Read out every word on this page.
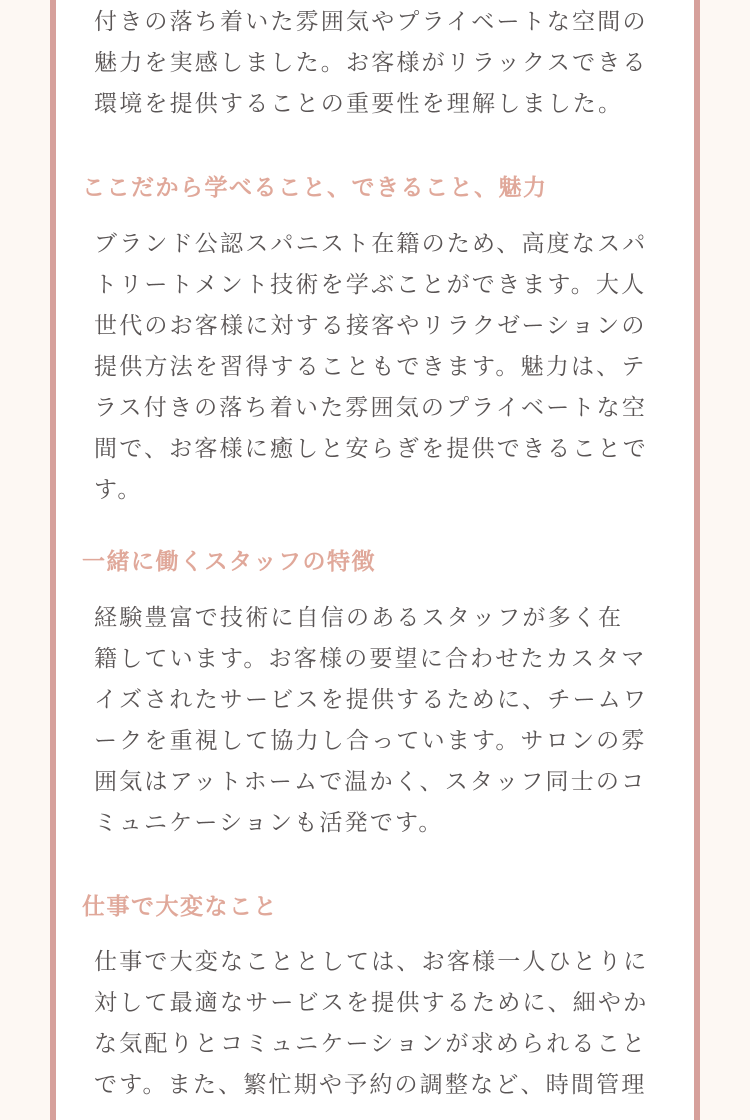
付きの落ち着いた雰囲気やプライベートな空間の
魅力を実感しました。お客様がリラックスできる
環境を提供することの重要性を理解しました。

ここだから学べること、できること、魅力

ブランド公認スパニスト在籍のため、高度なスパ
トリートメント技術を学ぶことができます。大人
世代のお客様に対する接客やリラクゼーションの
提供方法を習得することもできます。魅力は、テ
ラス付きの落ち着いた雰囲気のプライベートな空
間で、お客様に癒しと安らぎを提供できることで
す。

一緒に働くスタッフの特徴

経験豊富で技術に自信のあるスタッフが多く在
籍しています。お客様の要望に合わせたカスタマ
イズされたサービスを提供するために、チームワ
ークを重視して協力し合っています。サロンの雰
囲気はアットホームで温かく、スタッフ同士のコ
ミュニケーションも活発です。

仕事で大変なこと

仕事で大変なこととしては、お客様一人ひとりに
対して最適なサービスを提供するために、細やか
な気配りとコミュニケーションが求められること
です。また、繁忙期や予約の調整など、時間管理
